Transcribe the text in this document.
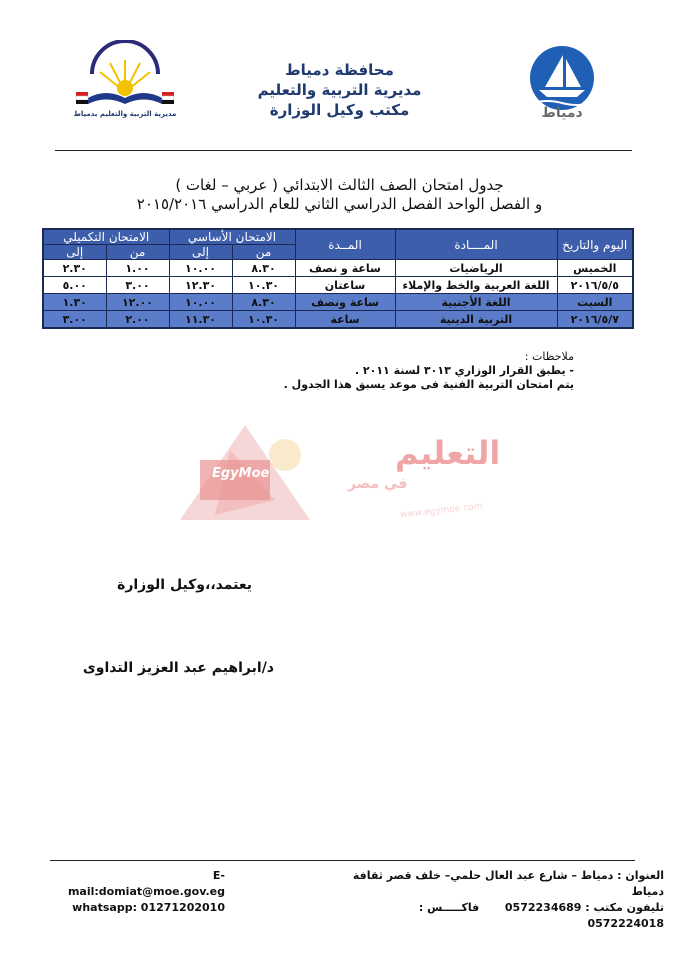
مديرية التربية والتعليم بدمياط
محافظة دمياط
مديرية التربية والتعليم
مكتب وكيل الوزارة	دمياط
جدول امتحان الصف الثالث الابتدائي ( عربي – لغات )
و الفصل الواحد الفصل الدراسي الثاني للعام الدراسي ٢٠١٥/٢٠١٦
اليوم والتاريخ	المــــادة	المــدة	الامتحان الأساسي		الامتحان التكميلي	
			من	إلى	من	إلى
الخميس	الرياضيات	ساعة و نصف	٨.٣٠	١٠.٠٠	١.٠٠	٢.٣٠
٢٠١٦/٥/٥	اللغة العربية والخط والإملاء	ساعتان	١٠.٣٠	١٢.٣٠	٣.٠٠	٥.٠٠
السبت	اللغة الأجنبية	ساعة ونصف	٨.٣٠	١٠.٠٠	١٢.٠٠	١.٣٠
٢٠١٦/٥/٧	التربية الدينية	ساعة	١٠.٣٠	١١.٣٠	٢.٠٠	٣.٠٠
ملاحظات :
- يطبق القرار الوزاري ٣٠١٣ لسنة ٢٠١١ .
يتم امتحان التربية الفنية فى موعد يسبق هذا الجدول .
EgyMoe
التعليم
في مصر
www.egymoe.com
يعتمد،،وكيل الوزارة
د/ابراهيم عبد العزيز التداوى
العنوان : دمياط – شارع عبد العال حلمي– خلف قصر ثقافة دمياط
تليفون مكتب : 0572234689  فاكـــــس : 0572224018
E-mail:domiat@moe.gov.eg
whatsapp: 01271202010
